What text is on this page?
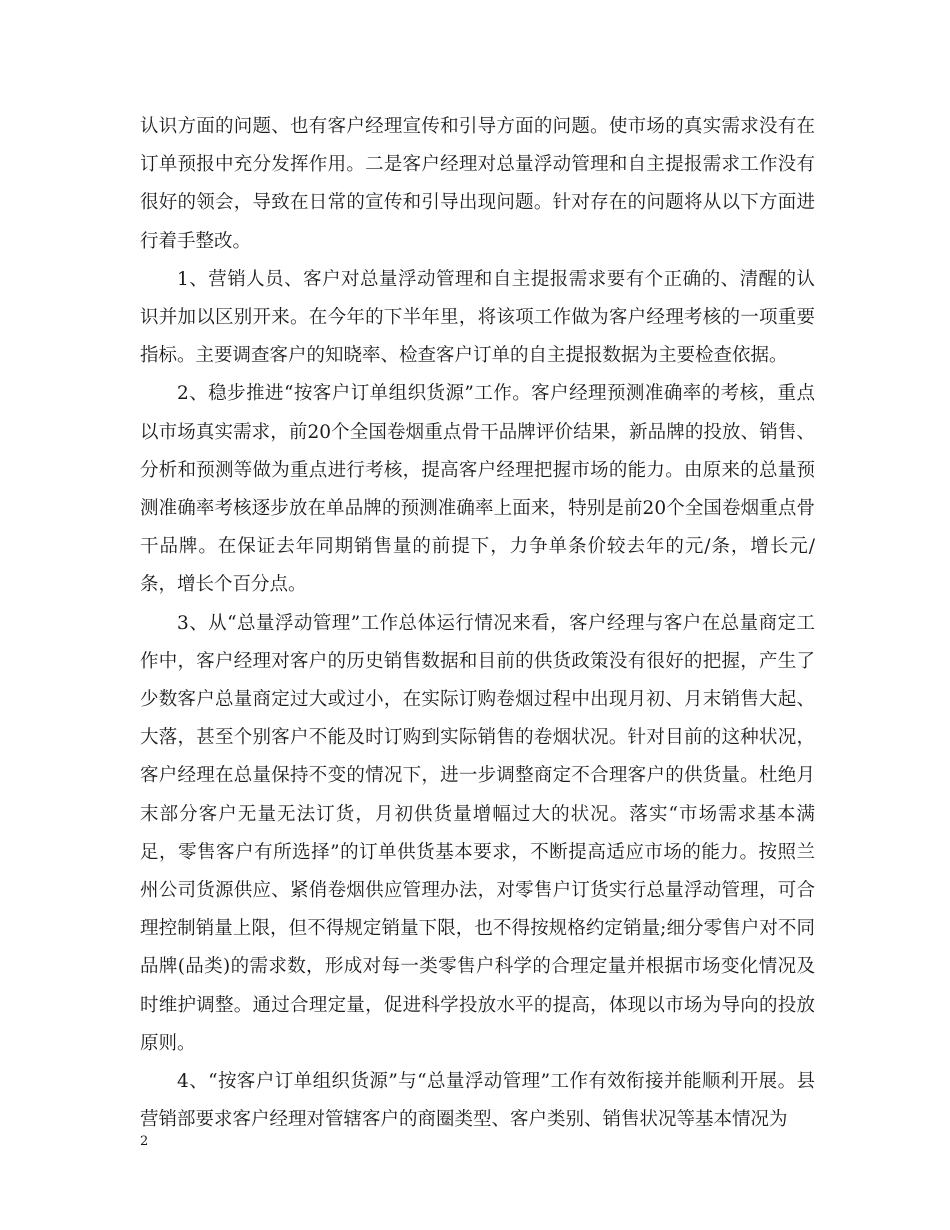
认识方面的问题、也有客户经理宣传和引导方面的问题。使市场的真实需求没有在订单预报中充分发挥作用。二是客户经理对总量浮动管理和自主提报需求工作没有很好的领会，导致在日常的宣传和引导出现问题。针对存在的问题将从以下方面进行着手整改。

1、营销人员、客户对总量浮动管理和自主提报需求要有个正确的、清醒的认识并加以区别开来。在今年的下半年里，将该项工作做为客户经理考核的一项重要指标。主要调查客户的知晓率、检查客户订单的自主提报数据为主要检查依据。

2、稳步推进“按客户订单组织货源”工作。客户经理预测准确率的考核，重点以市场真实需求，前20个全国卷烟重点骨干品牌评价结果，新品牌的投放、销售、分析和预测等做为重点进行考核，提高客户经理把握市场的能力。由原来的总量预测准确率考核逐步放在单品牌的预测准确率上面来，特别是前20个全国卷烟重点骨干品牌。在保证去年同期销售量的前提下，力争单条价较去年的元/条，增长元/条，增长个百分点。

3、从“总量浮动管理”工作总体运行情况来看，客户经理与客户在总量商定工作中，客户经理对客户的历史销售数据和目前的供货政策没有很好的把握，产生了少数客户总量商定过大或过小，在实际订购卷烟过程中出现月初、月末销售大起、大落，甚至个别客户不能及时订购到实际销售的卷烟状况。针对目前的这种状况，客户经理在总量保持不变的情况下，进一步调整商定不合理客户的供货量。杜绝月末部分客户无量无法订货，月初供货量增幅过大的状况。落实“市场需求基本满足，零售客户有所选择”的订单供货基本要求，不断提高适应市场的能力。按照兰州公司货源供应、紧俏卷烟供应管理办法，对零售户订货实行总量浮动管理，可合理控制销量上限，但不得规定销量下限，也不得按规格约定销量;细分零售户对不同品牌(品类)的需求数，形成对每一类零售户科学的合理定量并根据市场变化情况及时维护调整。通过合理定量，促进科学投放水平的提高，体现以市场为导向的投放原则。

4、“按客户订单组织货源”与“总量浮动管理”工作有效衔接并能顺利开展。县营销部要求客户经理对管辖客户的商圈类型、客户类别、销售状况等基本情况为

2
